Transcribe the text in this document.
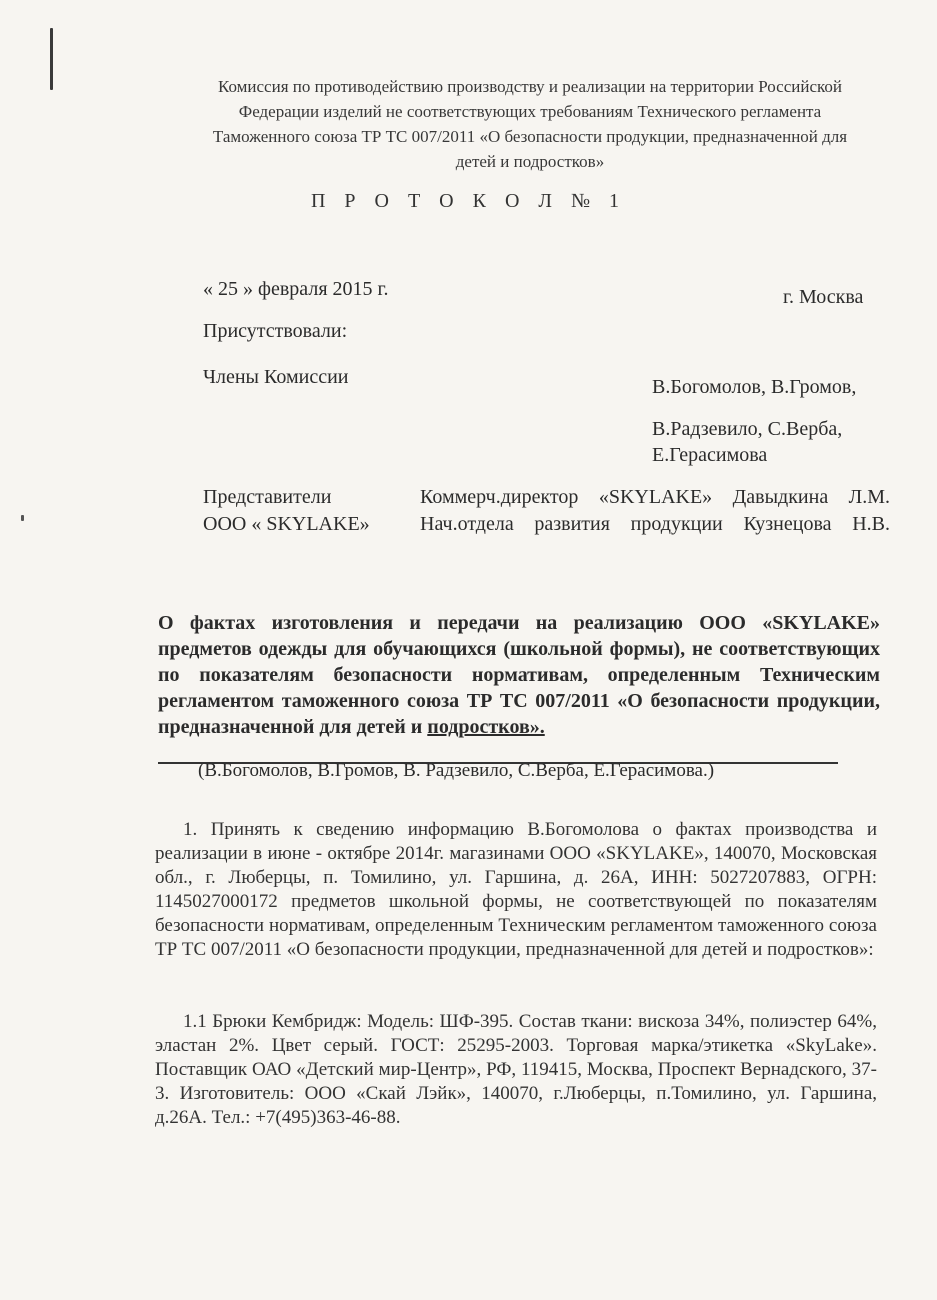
Комиссия по противодействию производству и реализации на территории Российской
Федерации изделий не соответствующих требованиям Технического регламента
Таможенного союза ТР ТС 007/2011 «О безопасности продукции, предназначенной для
детей и подростков»
П Р О Т О К О Л № 1
« 25 » февраля 2015 г.	г. Москва
Присутствовали:
Члены Комиссии	В.Богомолов, В.Громов,
В.Радзевило, С.Верба,
Е.Герасимова
Представители
ООО « SKYLAKE»
Коммерч.директор «SKYLAKE» Давыдкина Л.М.
Нач.отдела развития продукции Кузнецова Н.В.
О фактах изготовления и передачи на реализацию ООО «SKYLAKE» предметов одежды для обучающихся (школьной формы), не соответствующих по показателям безопасности нормативам, определенным Техническим регламентом таможенного союза ТР ТС 007/2011 «О безопасности продукции, предназначенной для детей и подростков».
(В.Богомолов, В.Громов, В. Радзевило, С.Верба, Е.Герасимова.)
1. Принять к сведению информацию В.Богомолова о фактах производства и реализации в июне - октябре 2014г. магазинами ООО «SKYLAKE», 140070, Московская обл., г. Люберцы, п. Томилино, ул. Гаршина, д. 26А, ИНН: 5027207883, ОГРН: 1145027000172 предметов школьной формы, не соответствующей по показателям безопасности нормативам, определенным Техническим регламентом таможенного союза ТР ТС 007/2011 «О безопасности продукции, предназначенной для детей и подростков»:
1.1 Брюки Кембридж: Модель: ШФ-395. Состав ткани: вискоза 34%, полиэстер 64%, эластан 2%. Цвет серый. ГОСТ: 25295-2003. Торговая марка/этикетка «SkyLake». Поставщик ОАО «Детский мир-Центр», РФ, 119415, Москва, Проспект Вернадского, 37-3. Изготовитель: ООО «Скай Лэйк», 140070, г.Люберцы, п.Томилино, ул. Гаршина, д.26А. Тел.: +7(495)363-46-88.
